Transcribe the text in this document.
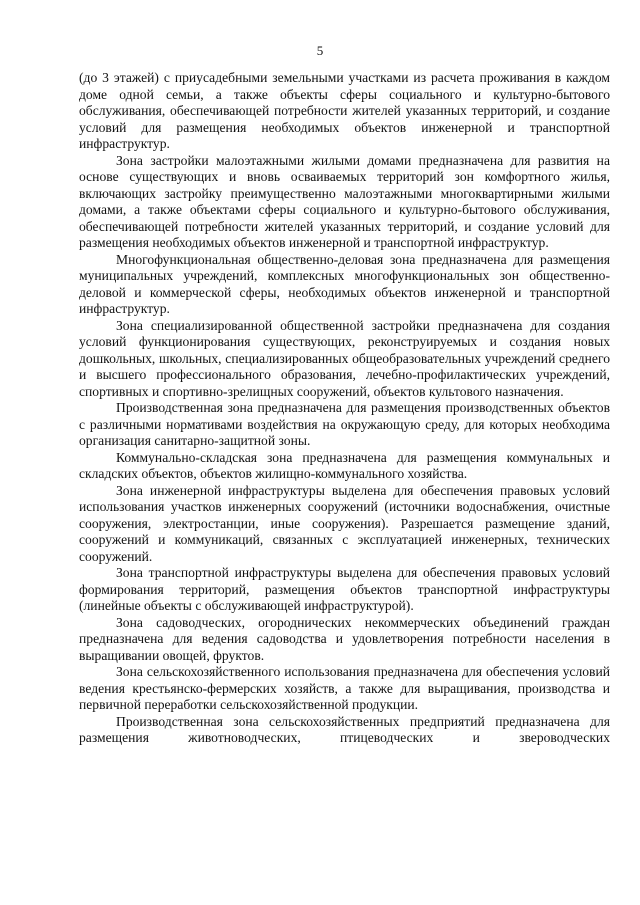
5

(до 3 этажей) с приусадебными земельными участками из расчета проживания в каждом доме одной семьи, а также объекты сферы социального и культурно-бытового обслуживания, обеспечивающей потребности жителей указанных территорий, и создание условий для размещения необходимых объектов инженерной и транспортной инфраструктур.

Зона застройки малоэтажными жилыми домами предназначена для развития на основе существующих и вновь осваиваемых территорий зон комфортного жилья, включающих застройку преимущественно малоэтажными многоквартирными жилыми домами, а также объектами сферы социального и культурно-бытового обслуживания, обеспечивающей потребности жителей указанных территорий, и создание условий для размещения необходимых объектов инженерной и транспортной инфраструктур.

Многофункциональная общественно-деловая зона предназначена для размещения муниципальных учреждений, комплексных многофункциональных зон общественно-деловой и коммерческой сферы, необходимых объектов инженерной и транспортной инфраструктур.

Зона специализированной общественной застройки предназначена для создания условий функционирования существующих, реконструируемых и создания новых дошкольных, школьных, специализированных общеобразовательных учреждений среднего и высшего профессионального образования, лечебно-профилактических учреждений, спортивных и спортивно-зрелищных сооружений, объектов культового назначения.

Производственная зона предназначена для размещения производственных объектов с различными нормативами воздействия на окружающую среду, для которых необходима организация санитарно-защитной зоны.

Коммунально-складская зона предназначена для размещения коммунальных и складских объектов, объектов жилищно-коммунального хозяйства.

Зона инженерной инфраструктуры выделена для обеспечения правовых условий использования участков инженерных сооружений (источники водоснабжения, очистные сооружения, электростанции, иные сооружения). Разрешается размещение зданий, сооружений и коммуникаций, связанных с эксплуатацией инженерных, технических сооружений.

Зона транспортной инфраструктуры выделена для обеспечения правовых условий формирования территорий, размещения объектов транспортной инфраструктуры (линейные объекты с обслуживающей инфраструктурой).

Зона садоводческих, огороднических некоммерческих объединений граждан предназначена для ведения садоводства и удовлетворения потребности населения в выращивании овощей, фруктов.

Зона сельскохозяйственного использования предназначена для обеспечения условий ведения крестьянско-фермерских хозяйств, а также для выращивания, производства и первичной переработки сельскохозяйственной продукции.

Производственная зона сельскохозяйственных предприятий предназначена для размещения животноводческих, птицеводческих и звероводческих
